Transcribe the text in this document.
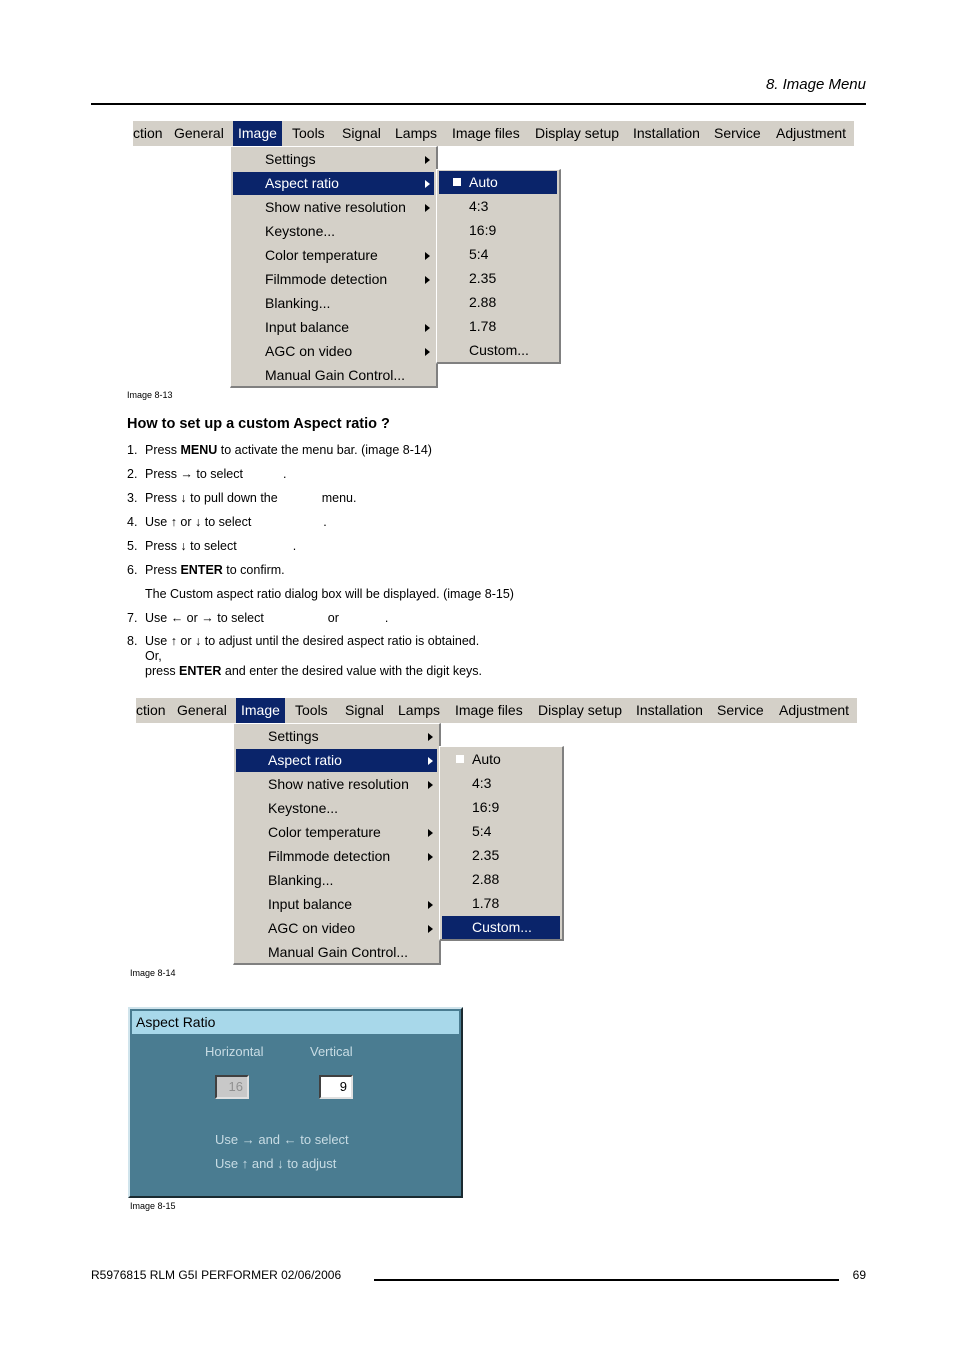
8. Image Menu
ction General	Image	Tools	Signal	Lamps	Image files	Display setup Installation	Service	Adjustment
Settings
Aspect ratio
Show native resolution
Keystone...
Color temperature
Filmmode detection
Blanking...
Input balance
AGC on video
Manual Gain Control...
Auto
4:3
16:9
5:4
2.35
2.88
1.78
Custom...
Image 8-13
How to set up a custom Aspect ratio ?
1. Press MENU to activate the menu bar. (image 8-14)
2. Press → to select	.
3. Press ↓ to pull down the	menu.
4. Use ↑ or ↓ to select	.
5. Press ↓ to select	.
6. Press ENTER to confirm.
The Custom aspect ratio dialog box will be displayed. (image 8-15)
7. Use ← or → to select	or	.
8. Use ↑ or ↓ to adjust until the desired aspect ratio is obtained.
Or,
press ENTER and enter the desired value with the digit keys.
ction General	Image	Tools	Signal	Lamps	Image files	Display setup Installation	Service	Adjustment
Settings
Aspect ratio
Show native resolution
Keystone...
Color temperature
Filmmode detection
Blanking...
Input balance
AGC on video
Manual Gain Control...
Auto
4:3
16:9
5:4
2.35
2.88
1.78
Custom...
Image 8-14
Aspect Ratio
Horizontal	Vertical
16	9
Use → and ← to select
Use ↑ and ↓ to adjust
Image 8-15
R5976815 RLM G5I PERFORMER 02/06/2006	69
